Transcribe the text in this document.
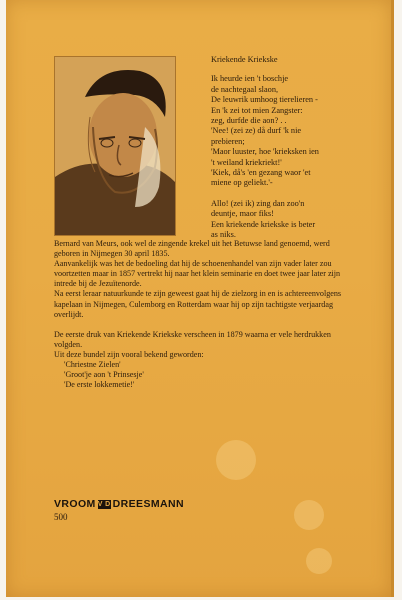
Kriekende Kriekske
Ik heurde ien 't boschje
de nachtegaal slaon,
De leuwrik umhoog tierelieren -
En 'k zei tot mien Zangster:
zeg, durfde die aon? . .
'Nee! (zei ze) då durf 'k nie
prebieren;
'Maor luuster, hoe 'krieksken ien
't weiland kriekriekt!'
'Kiek, då's 'en gezang waor 'et
miene op geliekt.'-
Allo! (zei ik) zing dan zoo'n
deuntje, maor fiks!
Een kriekende kriekske is beter
as niks.
Bernard van Meurs, ook wel de zingende krekel uit het Betuwse land genoemd, werd geboren in Nijmegen 30 april 1835.
Aanvankelijk was het de bedoeling dat hij de schoenenhandel van zijn vader later zou voortzetten maar in 1857 vertrekt hij naar het klein seminarie en doet twee jaar later zijn intrede bij de Jezuïtenorde.

Na eerst leraar natuurkunde te zijn geweest gaat hij de zielzorg in en is achtereenvolgens kapelaan in Nijmegen, Culemborg en Rotterdam waar hij op zijn tachtigste verjaardag overlijdt.

De eerste druk van Kriekende Kriekske verscheen in 1879 waarna er vele herdrukken volgden.

Uit deze bundel zijn vooral bekend geworden:

'Chriestne Zielen'
'Groot'je aon 't Prinsesje'
'De erste lokkemetie!'
VROOM V D DREESMANN
500
